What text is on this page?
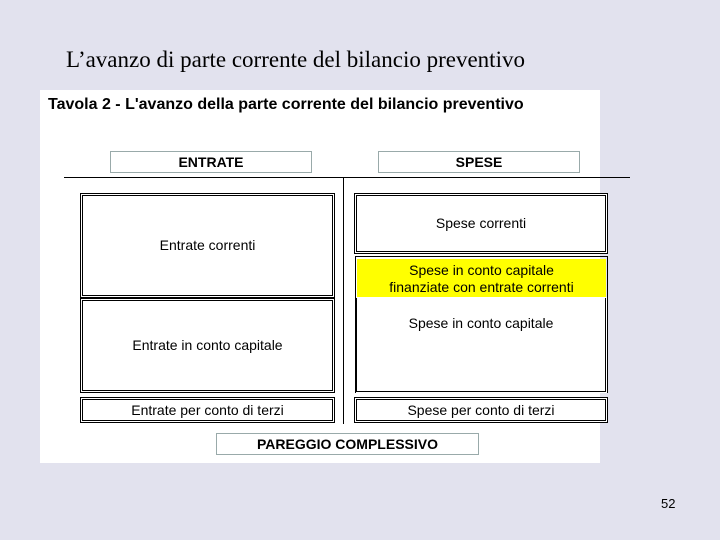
L’avanzo di parte corrente del bilancio preventivo
Tavola 2 - L'avanzo della parte corrente del bilancio preventivo
ENTRATE	SPESE
Entrate correnti
Entrate in conto capitale
Entrate per conto di terzi
Spese correnti
Spese in conto capitale
finanziate con entrate correnti
Spese in conto capitale
Spese per conto di terzi
PAREGGIO COMPLESSIVO
52
